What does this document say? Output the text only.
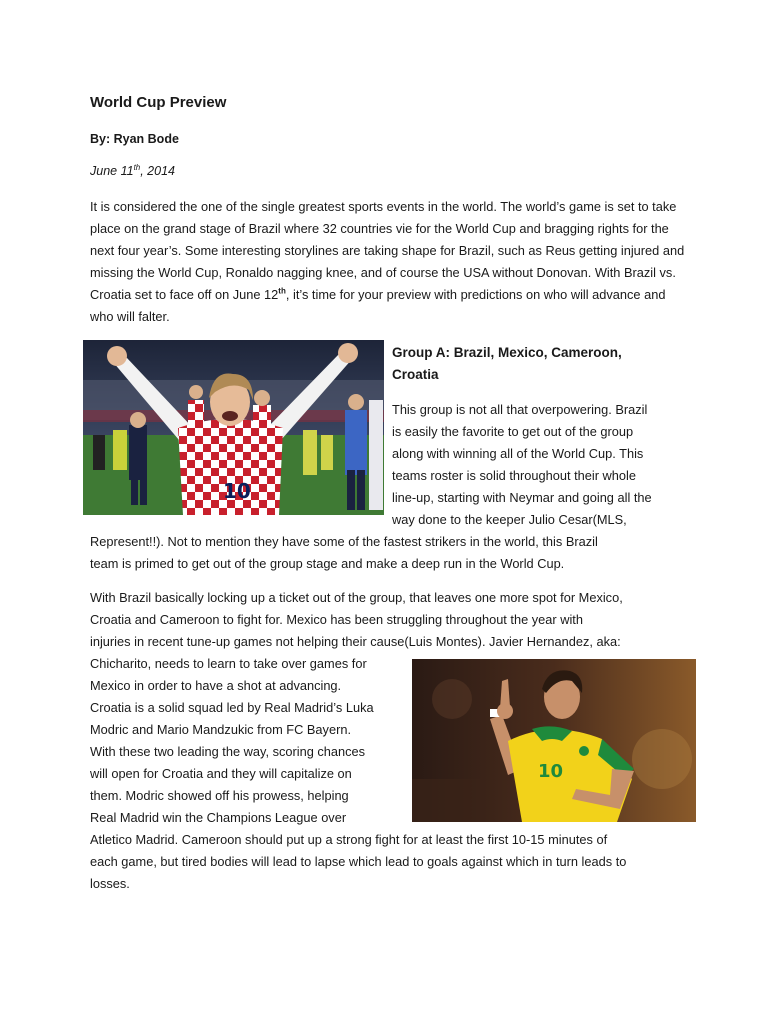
World Cup Preview

By: Ryan Bode

June 11th, 2014

It is considered the one of the single greatest sports events in the world. The world’s game is set to take place on the grand stage of Brazil where 32 countries vie for the World Cup and bragging rights for the next four year’s. Some interesting storylines are taking shape for Brazil, such as Reus getting injured and missing the World Cup, Ronaldo nagging knee, and of course the USA without Donovan. With Brazil vs. Croatia set to face off on June 12th, it’s time for your preview with predictions on who will advance and who will falter.

10
Group A: Brazil, Mexico, Cameroon, Croatia

This group is not all that overpowering. Brazil

is easily the favorite to get out of the group

along with winning all of the World Cup. This

teams roster is solid throughout their whole

line-up, starting with Neymar and going all the

way done to the keeper Julio Cesar(MLS,

Represent!!). Not to mention they have some of the fastest strikers in the world, this Brazil

team is primed to get out of the group stage and make a deep run in the World Cup.

With Brazil basically locking up a ticket out of the group, that leaves one more spot for Mexico,

Croatia and Cameroon to fight for. Mexico has been struggling throughout the year with

injuries in recent tune-up games not helping their cause(Luis Montes). Javier Hernandez, aka:

Chicharito, needs to learn to take over games for

Mexico in order to have a shot at advancing.

Croatia is a solid squad led by Real Madrid’s Luka

Modric and Mario Mandzukic from FC Bayern.

With these two leading the way, scoring chances

will open for Croatia and they will capitalize on

them. Modric showed off his prowess, helping

Real Madrid win the Champions League over

Atletico Madrid. Cameroon should put up a strong fight for at least the first 10-15 minutes of

each game, but tired bodies will lead to lapse which lead to goals against which in turn leads to

losses.

10
